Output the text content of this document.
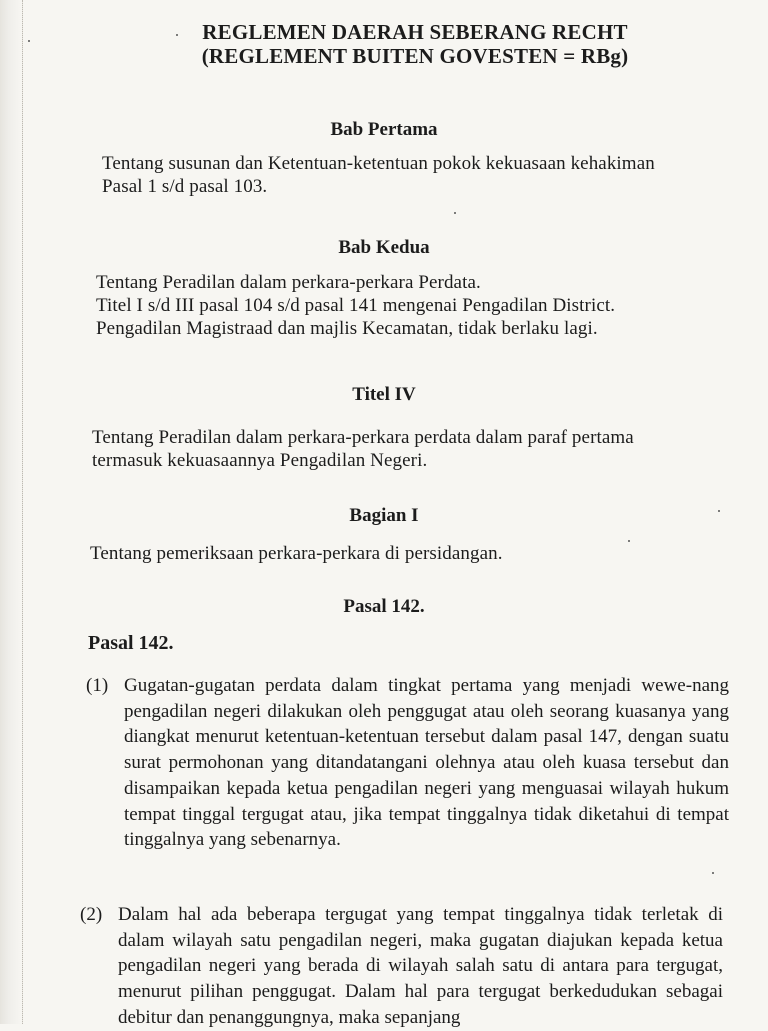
REGLEMEN DAERAH SEBERANG RECHT
(REGLEMENT BUITEN GOVESTEN = RBg)
Bab Pertama

Tentang susunan dan Ketentuan-ketentuan pokok kekuasaan kehakiman

Pasal 1 s/d pasal 103.

Bab Kedua

Tentang Peradilan dalam perkara-perkara Perdata.

Titel I s/d III pasal 104 s/d pasal 141 mengenai Pengadilan District.

Pengadilan Magistraad dan majlis Kecamatan, tidak berlaku lagi.

Titel IV

Tentang Peradilan dalam perkara-perkara perdata dalam paraf pertama

termasuk kekuasaannya Pengadilan Negeri.

Bagian I

Tentang pemeriksaan perkara-perkara di persidangan.

Pasal 142.
Pasal 142.
(1) Gugatan-gugatan perdata dalam tingkat pertama yang menjadi wewe-nang pengadilan negeri dilakukan oleh penggugat atau oleh seorang kuasanya yang diangkat menurut ketentuan-ketentuan tersebut dalam pasal 147, dengan suatu surat permohonan yang ditandatangani olehnya atau oleh kuasa tersebut dan disampaikan kepada ketua pengadilan negeri yang menguasai wilayah hukum tempat tinggal tergugat atau, jika tempat tinggalnya tidak diketahui di tempat tinggalnya yang sebenarnya.
(2) Dalam hal ada beberapa tergugat yang tempat tinggalnya tidak terletak di dalam wilayah satu pengadilan negeri, maka gugatan diajukan kepada ketua pengadilan negeri yang berada di wilayah salah satu di antara para tergugat, menurut pilihan penggugat. Dalam hal para tergugat berkedudukan sebagai debitur dan penanggungnya, maka sepanjang
